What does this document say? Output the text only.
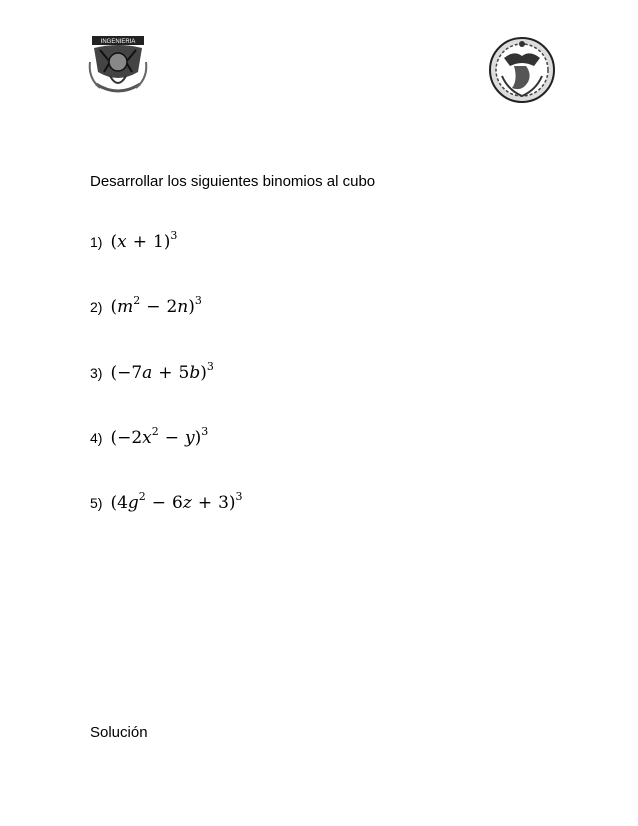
INGENIERIA
Desarrollar los siguientes binomios al cubo
1) $(x + 1)^3$
2) $(m^2 - 2n)^3$
3) $(-7a + 5b)^3$
4) $(-2x^2 - y)^3$
5) $(4g^2 - 6z + 3)^3$
Solución
